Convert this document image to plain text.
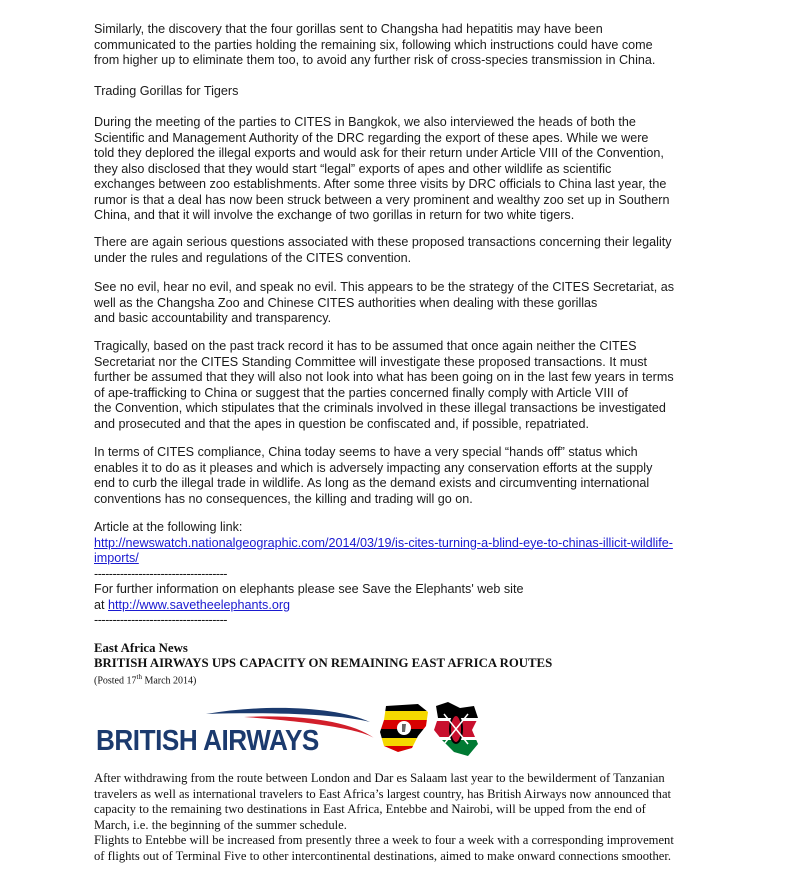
Similarly, the discovery that the four gorillas sent to Changsha had hepatitis may have been
communicated to the parties holding the remaining six, following which instructions could have come
from higher up to eliminate them too, to avoid any further risk of cross-species transmission in China.
Trading Gorillas for Tigers
During the meeting of the parties to CITES in Bangkok, we also interviewed the heads of both the
Scientific and Management Authority of the DRC regarding the export of these apes. While we were
told they deplored the illegal exports and would ask for their return under Article VIII of the Convention,
they also disclosed that they would start “legal” exports of apes and other wildlife as scientific
exchanges between zoo establishments. After some three visits by DRC officials to China last year, the
rumor is that a deal has now been struck between a very prominent and wealthy zoo set up in Southern
China, and that it will involve the exchange of two gorillas in return for two white tigers.
There are again serious questions associated with these proposed transactions concerning their legality
under the rules and regulations of the CITES convention.
See no evil, hear no evil, and speak no evil. This appears to be the strategy of the CITES Secretariat, as
well as the Changsha Zoo and Chinese CITES authorities when dealing with these gorillas
and basic accountability and transparency.
Tragically, based on the past track record it has to be assumed that once again neither the CITES
Secretariat nor the CITES Standing Committee will investigate these proposed transactions. It must
further be assumed that they will also not look into what has been going on in the last few years in terms
of ape-trafficking to China or suggest that the parties concerned finally comply with Article VIII of
the Convention, which stipulates that the criminals involved in these illegal transactions be investigated
and prosecuted and that the apes in question be confiscated and, if possible, repatriated.
In terms of CITES compliance, China today seems to have a very special “hands off” status which
enables it to do as it pleases and which is adversely impacting any conservation efforts at the supply
end to curb the illegal trade in wildlife. As long as the demand exists and circumventing international
conventions has no consequences, the killing and trading will go on.
Article at the following link:
http://newswatch.nationalgeographic.com/2014/03/19/is-cites-turning-a-blind-eye-to-chinas-illicit-wildlife-
imports/
------------------------------------
For further information on elephants please see Save the Elephants' web site
at http://www.savetheelephants.org
------------------------------------
East Africa News
BRITISH AIRWAYS UPS CAPACITY ON REMAINING EAST AFRICA ROUTES
(Posted 17th March 2014)
BRITISH AIRWAYS
After withdrawing from the route between London and Dar es Salaam last year to the bewilderment of Tanzanian
travelers as well as international travelers to East Africa’s largest country, has British Airways now announced that
capacity to the remaining two destinations in East Africa, Entebbe and Nairobi, will be upped from the end of
March, i.e. the beginning of the summer schedule.
Flights to Entebbe will be increased from presently three a week to four a week with a corresponding improvement
of flights out of Terminal Five to other intercontinental destinations, aimed to make onward connections smoother.
